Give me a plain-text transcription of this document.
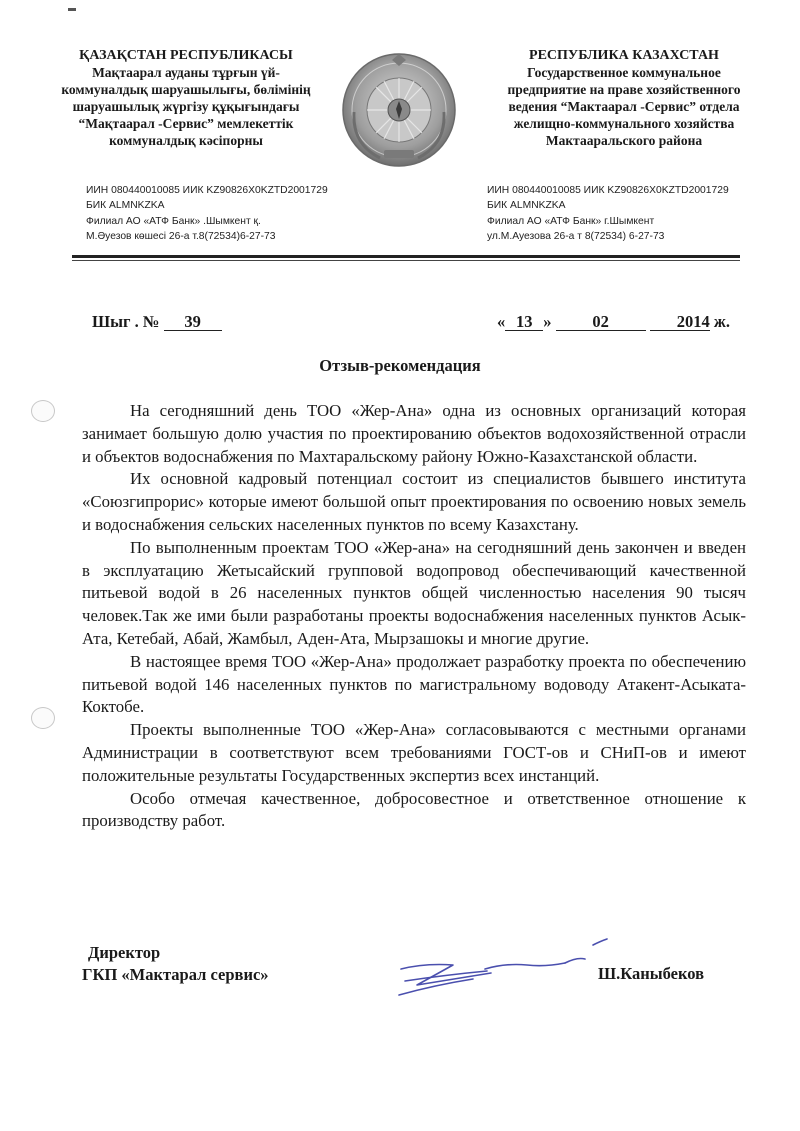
ҚАЗАҚСТАН РЕСПУБЛИКАСЫ
Мақтаарал ауданы тұрғын үй-
коммуналдық шаруашылығы, бөлімінің
шаруашылық жүргізу құқығындағы
“Мақтаарал -Сервис” мемлекеттік
коммуналдық кәсіпорны
РЕСПУБЛИКА КАЗАХСТАН
Государственное коммунальное
предприятие на праве хозяйственного
ведения “Мактаарал -Сервис” отдела
желищно-коммунального хозяйства
Мактааральского района
ИИН 080440010085 ИИК KZ90826X0KZTD2001729
БИК ALMNKZKA
Филиал АО «АТФ Банк» .Шымкент қ.
М.Әуезов көшесі 26-а т.8(72534)6-27-73
ИИН 080440010085 ИИК KZ90826X0KZTD2001729
БИК ALMNKZKA
Филиал АО «АТФ Банк» г.Шымкент
ул.М.Ауезова 26-а т 8(72534) 6-27-73
Шыг . № 39	« 13 » 02	2014 ж.
Отзыв-рекомендация

На сегодняшний день ТОО «Жер-Ана» одна из основных организаций которая занимает большую долю участия по проектированию объектов водохозяйственной отрасли и объектов водоснабжения по Махтаральскому району Южно-Казахстанской области.

Их основной кадровый потенциал состоит из специалистов бывшего института «Союзгипрорис» которые имеют большой опыт проектирования по освоению новых земель и водоснабжения сельских населенных пунктов по всему Казахстану.

По выполненным проектам ТОО «Жер-ана» на сегодняшний день закончен и введен в эксплуатацию Жетысайский групповой водопровод обеспечивающий качественной питьевой водой в 26 населенных пунктов общей численностью населения 90 тысяч человек.Так же ими были разработаны проекты водоснабжения населенных пунктов Асык-Ата, Кетебай, Абай, Жамбыл, Аден-Ата, Мырзашокы и многие другие.

В настоящее время ТОО «Жер-Ана» продолжает разработку проекта по обеспечению питьевой водой 146 населенных пунктов по магистральному водоводу Атакент-Асыката-Коктобе.

Проекты выполненные ТОО «Жер-Ана» согласовываются с местными органами Администрации в соответствуют всем требованиями ГОСТ-ов и СНиП-ов и имеют положительные результаты Государственных экспертиз всех инстанций.

Особо отмечая качественное, добросовестное и ответственное отношение к производству работ.

Директор
ГКП «Мактарал сервис»	Ш.Каныбеков
